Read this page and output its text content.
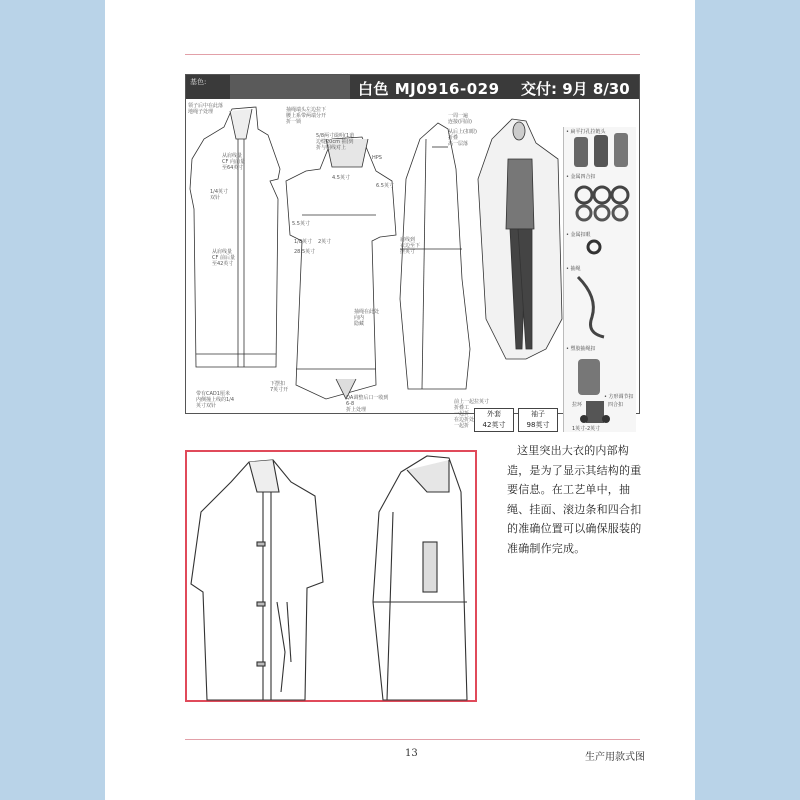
基色:	白色 MJ0916-029 交付: 9月 8/30
领子后中在此落
地绳子处理	抽绳端头左边拉下
腰上系带两端分开
折一锁
5/8两寸缉明(1道
边缝20cm 抽)到
折与明线对上
一周一遍
连接(同前)
从后上(扣眼)
折叠
高一层落
从肩线量
CF 向前量
至64英寸
4.5英寸
6.5英寸
HPS
1/4英寸
双针
5.5英寸
1/8英寸
28.5英寸
2英寸
从肩线量
CF 前后量
至42英寸
肩线到
衣边至下
摆英寸
抽绳在此处
向内
隐藏
带有CAD1厘米
内侧撞上线的1/4
英寸双针
下摆扣
7英寸开
QA调整后口一收到
6-8
折上处理
前上一起拉英寸
折叠工
一起折
在边折处
一起折
• 扁平打孔拉链头
• 金属四合扣
• 金属扣眼
• 抽绳
• 塑胶抽绳扣
• 方形调节扣
拉环	四合扣
1英寸-2英寸
外套
42英寸
袖子
98英寸
这里突出大衣的内部构造，是为了显示其结构的重要信息。在工艺单中，抽绳、挂面、滚边条和四合扣的准确位置可以确保服装的准确制作完成。
13	生产用款式图
